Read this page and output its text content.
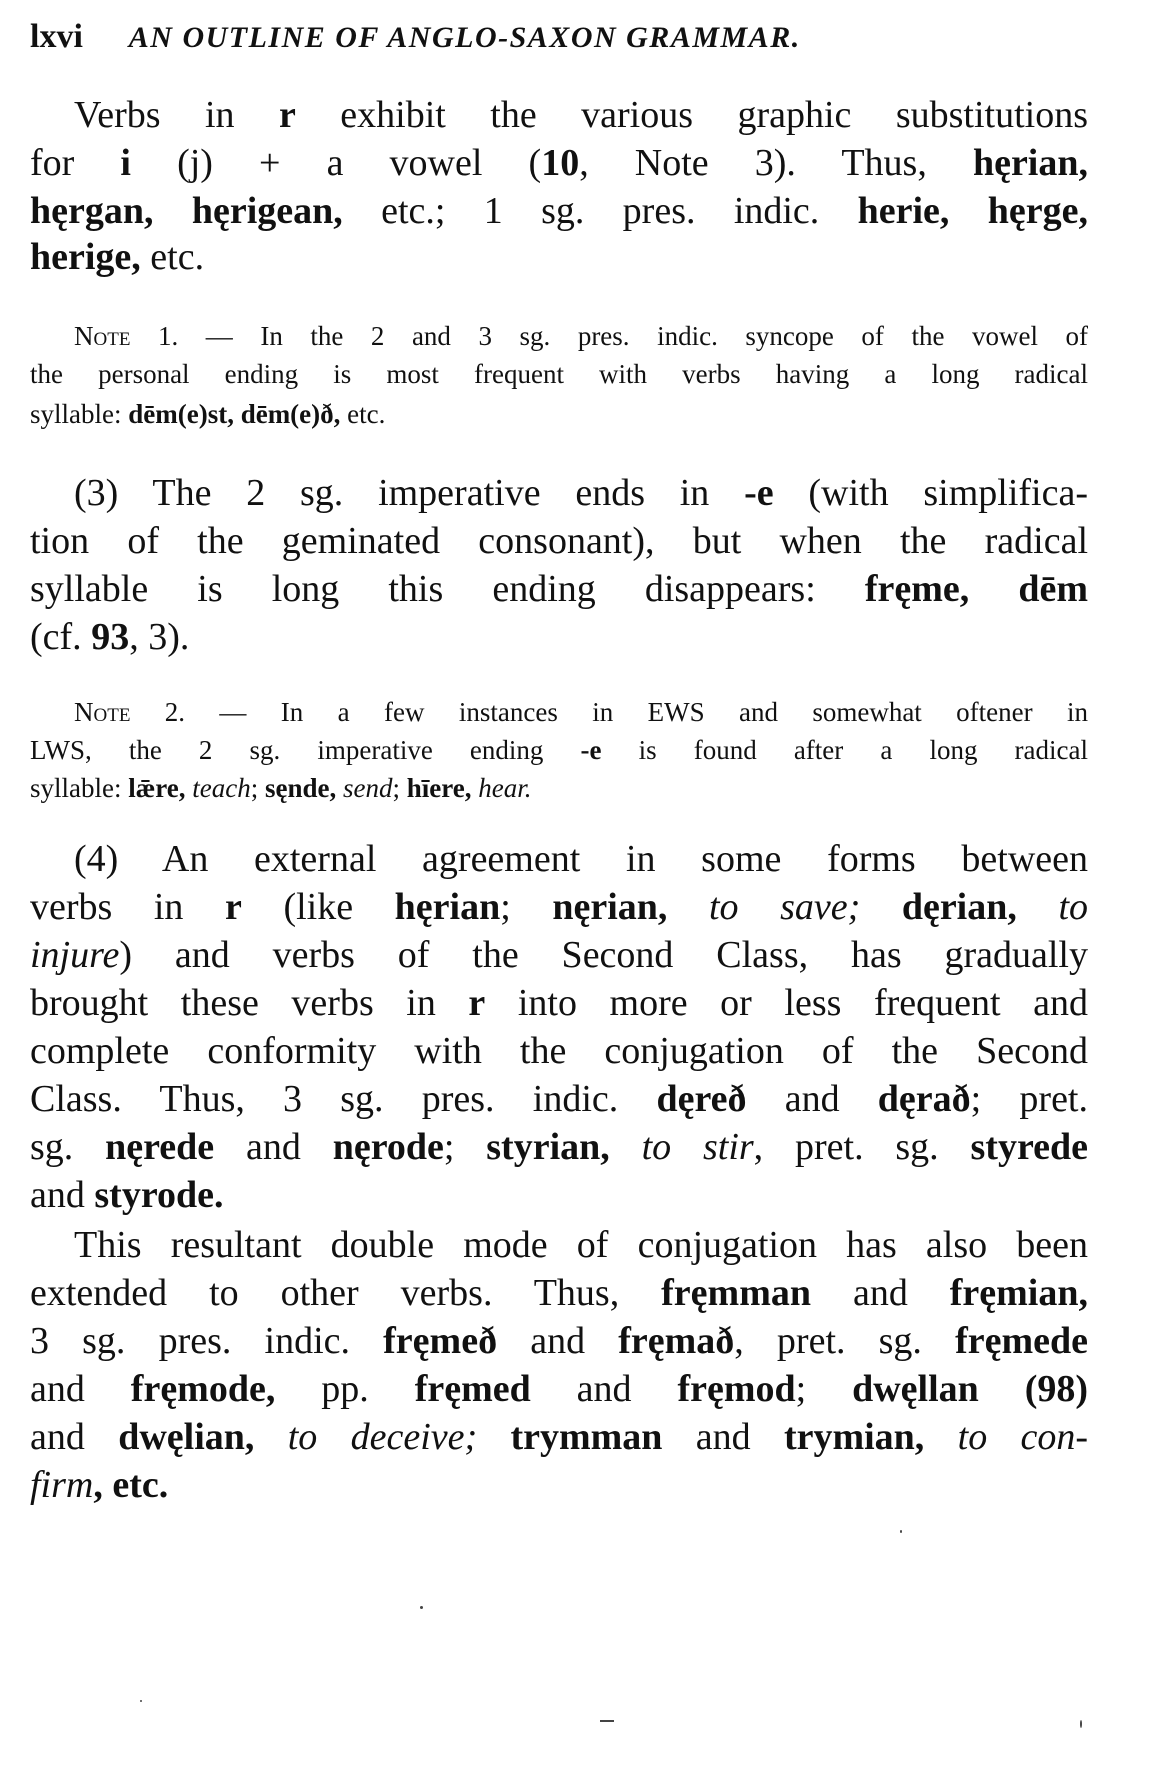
lxvi AN OUTLINE OF ANGLO-SAXON GRAMMAR.
Verbs in r exhibit the various graphic substitutions
for i (j) + a vowel (10, Note 3). Thus, hęrian,
hęrgan, hęrigean, etc.; 1 sg. pres. indic. herie, hęrge,
herige, etc.
Note 1. — In the 2 and 3 sg. pres. indic. syncope of the vowel of
the personal ending is most frequent with verbs having a long radical
syllable: dēm(e)st, dēm(e)ð, etc.
(3) The 2 sg. imperative ends in -e (with simplifica-
tion of the geminated consonant), but when the radical
syllable is long this ending disappears: fręme, dēm
(cf. 93, 3).
Note 2. — In a few instances in EWS and somewhat oftener in
LWS, the 2 sg. imperative ending -e is found after a long radical
syllable: lǣre, teach; sęnde, send; hīere, hear.
(4) An external agreement in some forms between
verbs in r (like hęrian; nęrian, to save; dęrian, to
injure) and verbs of the Second Class, has gradually
brought these verbs in r into more or less frequent and
complete conformity with the conjugation of the Second
Class. Thus, 3 sg. pres. indic. dęreð and dęrað; pret.
sg. nęrede and nęrode; styrian, to stir, pret. sg. styrede
and styrode.
This resultant double mode of conjugation has also been
extended to other verbs. Thus, fręmman and fręmian,
3 sg. pres. indic. fręmeð and fręmað, pret. sg. fręmede
and fręmode, pp. fręmed and fręmod; dwęllan (98)
and dwęlian, to deceive; trymman and trymian, to con-
firm, etc.
